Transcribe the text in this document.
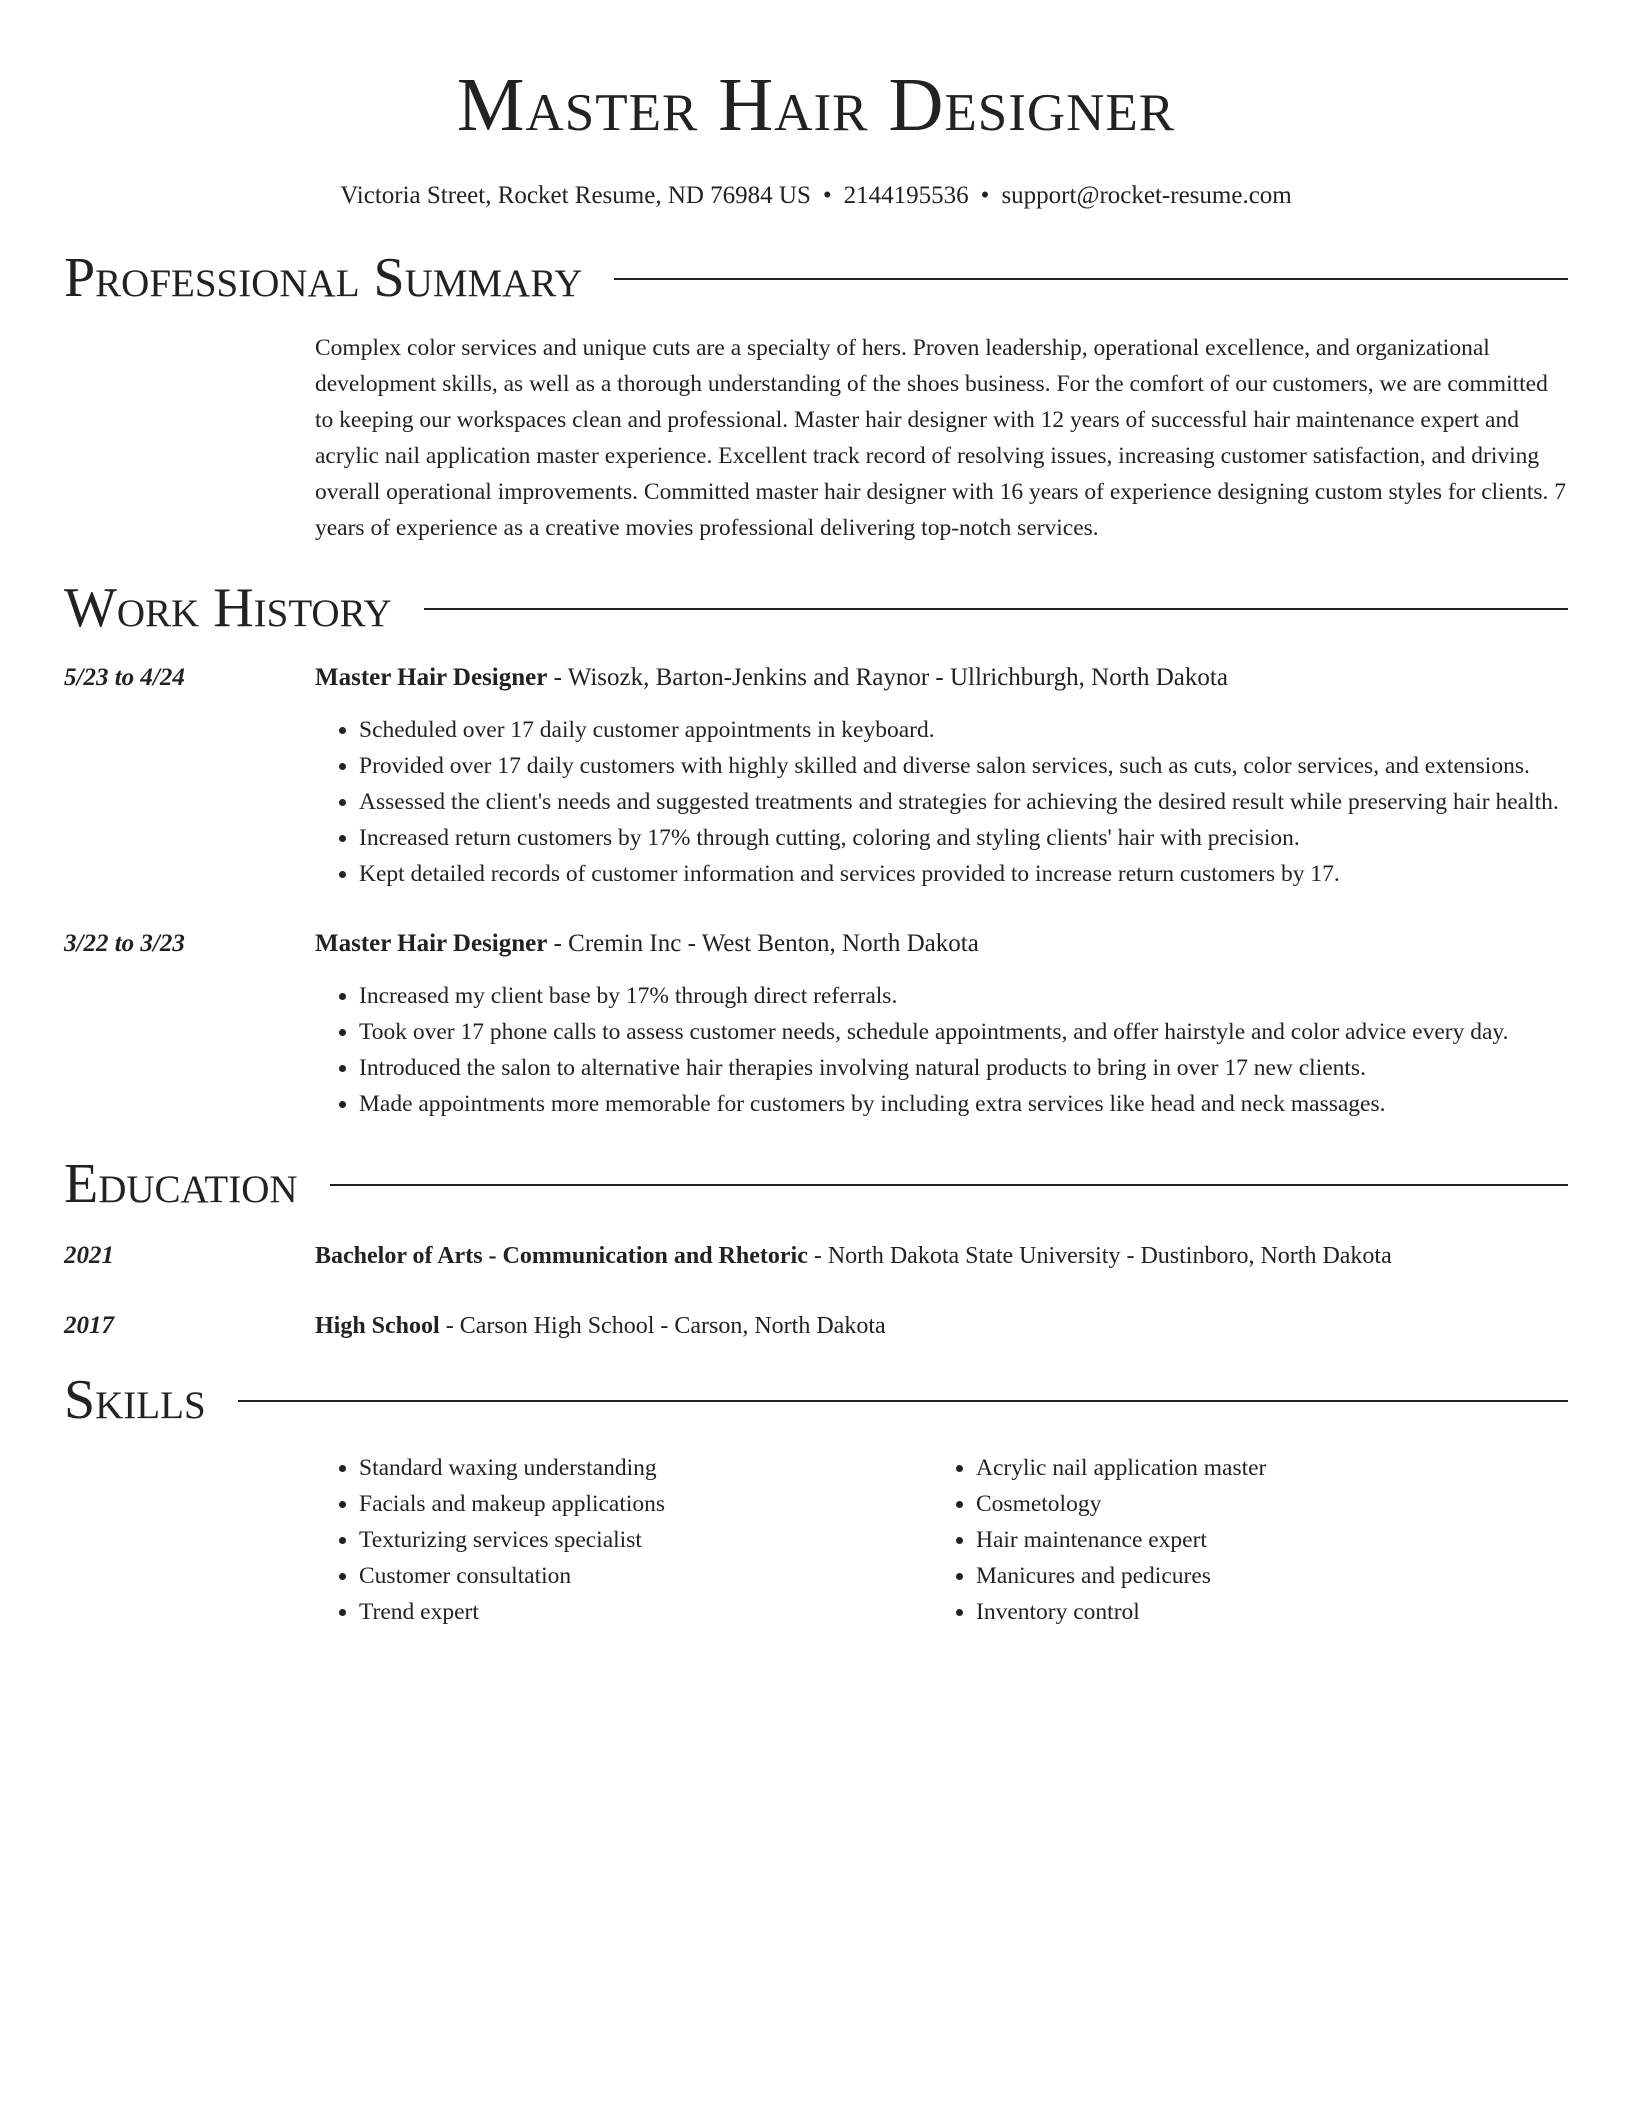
Master Hair Designer
Victoria Street, Rocket Resume, ND 76984 US • 2144195536 • support@rocket-resume.com
Professional Summary
Complex color services and unique cuts are a specialty of hers. Proven leadership, operational excellence, and organizational development skills, as well as a thorough understanding of the shoes business. For the comfort of our customers, we are committed to keeping our workspaces clean and professional. Master hair designer with 12 years of successful hair maintenance expert and acrylic nail application master experience. Excellent track record of resolving issues, increasing customer satisfaction, and driving overall operational improvements. Committed master hair designer with 16 years of experience designing custom styles for clients. 7 years of experience as a creative movies professional delivering top-notch services.
Work History
5/23 to 4/24	Master Hair Designer - Wisozk, Barton-Jenkins and Raynor - Ullrichburgh, North Dakota
• Scheduled over 17 daily customer appointments in keyboard.
• Provided over 17 daily customers with highly skilled and diverse salon services, such as cuts, color services, and extensions.
• Assessed the client's needs and suggested treatments and strategies for achieving the desired result while preserving hair health.
• Increased return customers by 17% through cutting, coloring and styling clients' hair with precision.
• Kept detailed records of customer information and services provided to increase return customers by 17.
3/22 to 3/23	Master Hair Designer - Cremin Inc - West Benton, North Dakota
• Increased my client base by 17% through direct referrals.
• Took over 17 phone calls to assess customer needs, schedule appointments, and offer hairstyle and color advice every day.
• Introduced the salon to alternative hair therapies involving natural products to bring in over 17 new clients.
• Made appointments more memorable for customers by including extra services like head and neck massages.
Education
2021	Bachelor of Arts - Communication and Rhetoric - North Dakota State University - Dustinboro, North Dakota
2017	High School - Carson High School - Carson, North Dakota
Skills
• Standard waxing understanding
• Facials and makeup applications
• Texturizing services specialist
• Customer consultation
• Trend expert
• Acrylic nail application master
• Cosmetology
• Hair maintenance expert
• Manicures and pedicures
• Inventory control
